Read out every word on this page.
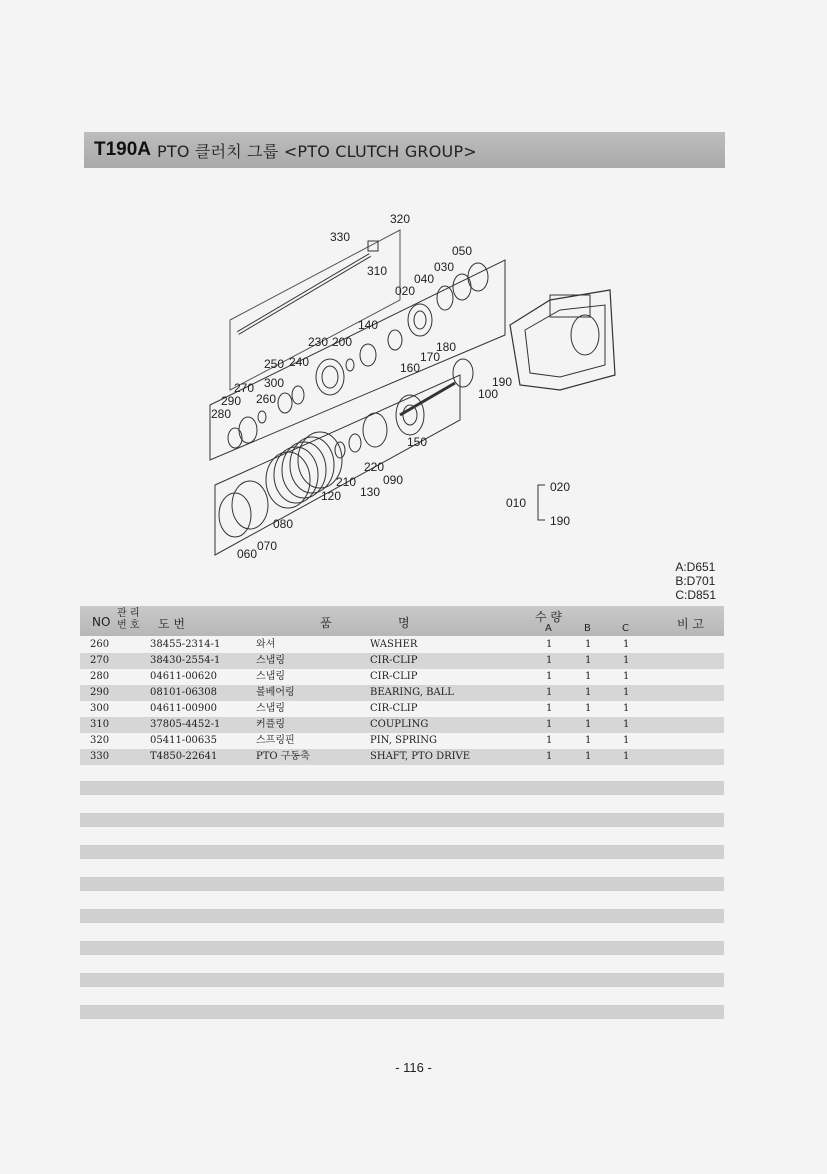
T190A PTO 클러치 그룹 <PTO CLUTCH GROUP>
320
330
310
050
030
040
020
140
230 200	180
170
160
250 240
270 300	190
100
290 260
280
150
220
210 090
130
120
080
070
060
010
020
190
A:D651
B:D701
C:D851
NO
관 리
번 호 도 번	품	명	수 량
A	B	C	비 고
260	38455-2314-1	와셔	WASHER	1	1	1
270	38430-2554-1	스냅링	CIR-CLIP	1	1	1
280	04611-00620	스냅링	CIR-CLIP	1	1	1
290	08101-06308	볼베어링	BEARING, BALL	1	1	1
300	04611-00900	스냅링	CIR-CLIP	1	1	1
310	37805-4452-1	커플링	COUPLING	1	1	1
320	05411-00635	스프링핀	PIN, SPRING	1	1	1
330	T4850-22641	PTO 구동축	SHAFT, PTO DRIVE	1	1	1
- 116 -
